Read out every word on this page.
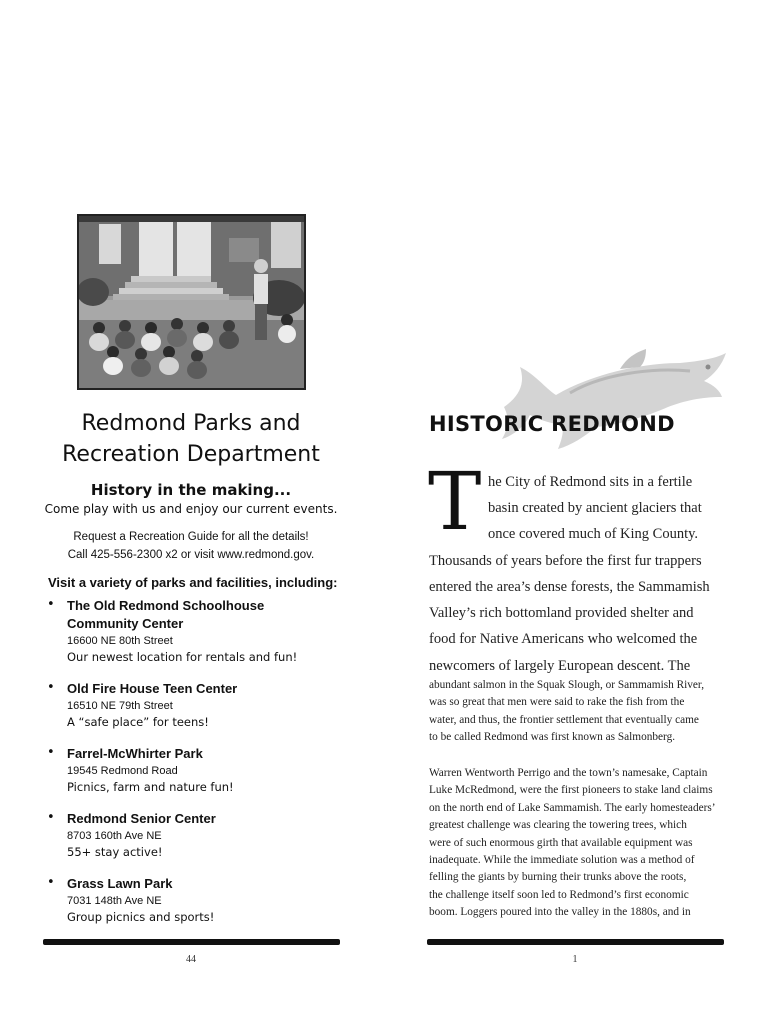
Redmond Parks and
Recreation Department
History in the making...
Come play with us and enjoy our current events.
Request a Recreation Guide for all the details!
Call 425-556-2300 x2 or visit www.redmond.gov.
Visit a variety of parks and facilities, including:
• The Old Redmond Schoolhouse
Community Center
16600 NE 80th Street
Our newest location for rentals and fun!
• Old Fire House Teen Center
16510 NE 79th Street
A “safe place” for teens!
• Farrel-McWhirter Park
19545 Redmond Road
Picnics, farm and nature fun!
• Redmond Senior Center
8703 160th Ave NE
55+ stay active!
• Grass Lawn Park
7031 148th Ave NE
Group picnics and sports!
44
HISTORIC REDMOND
T he City of Redmond sits in a fertile
basin created by ancient glaciers that
once covered much of King County.
Thousands of years before the first fur trappers
entered the area’s dense forests, the Sammamish
Valley’s rich bottomland provided shelter and
food for Native Americans who welcomed the
newcomers of largely European descent. The
abundant salmon in the Squak Slough, or Sammamish River,
was so great that men were said to rake the fish from the
water, and thus, the frontier settlement that eventually came
to be called Redmond was first known as Salmonberg.
Warren Wentworth Perrigo and the town’s namesake, Captain
Luke McRedmond, were the first pioneers to stake land claims
on the north end of Lake Sammamish. The early homesteaders’
greatest challenge was clearing the towering trees, which
were of such enormous girth that available equipment was
inadequate. While the immediate solution was a method of
felling the giants by burning their trunks above the roots,
the challenge itself soon led to Redmond’s first economic
boom. Loggers poured into the valley in the 1880s, and in
1
